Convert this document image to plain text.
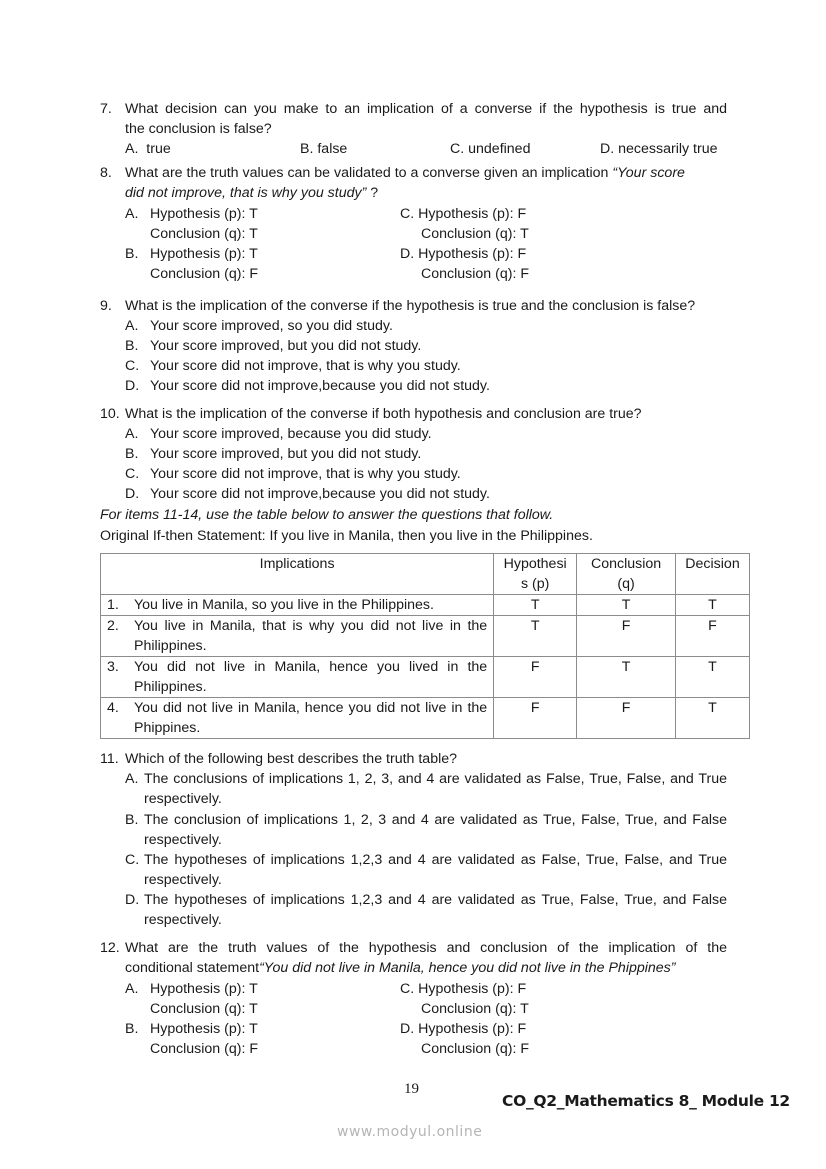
7. What decision can you make to an implication of a converse if the hypothesis is true and
the conclusion is false?
A. true	B. false	C. undefined	D. necessarily true
8. What are the truth values can be validated to a converse given an implication “Your score
did not improve, that is why you study” ?
A. Hypothesis (p): T
Conclusion (q): T
B. Hypothesis (p): T
Conclusion (q): F
C. Hypothesis (p): F
Conclusion (q): T
D. Hypothesis (p): F
Conclusion (q): F
9. What is the implication of the converse if the hypothesis is true and the conclusion is false?
A. Your score improved, so you did study.
B. Your score improved, but you did not study.
C. Your score did not improve, that is why you study.
D. Your score did not improve,because you did not study.
10. What is the implication of the converse if both hypothesis and conclusion are true?
A. Your score improved, because you did study.
B. Your score improved, but you did not study.
C. Your score did not improve, that is why you study.
D. Your score did not improve,because you did not study.
For items 11-14, use the table below to answer the questions that follow.
Original If-then Statement: If you live in Manila, then you live in the Philippines.
Implications	Hypothesi
s (p)	Conclusion
(q)	Decision

1. You live in Manila, so you live in the Philippines.	T	T	T

2. You live in Manila, that is why you did not live in the Philippines.	T	F	F

3. You did not live in Manila, hence you lived in the Philippines.	F	T	T

4. You did not live in Manila, hence you did not live in the Phippines.	F	F	T
11. Which of the following best describes the truth table?
A. The conclusions of implications 1, 2, 3, and 4 are validated as False, True, False, and True respectively.
B. The conclusion of implications 1, 2, 3 and 4 are validated as True, False, True, and False respectively.
C. The hypotheses of implications 1,2,3 and 4 are validated as False, True, False, and True respectively.
D. The hypotheses of implications 1,2,3 and 4 are validated as True, False, True, and False respectively.
12. What are the truth values of the hypothesis and conclusion of the implication of the
conditional statement“You did not live in Manila, hence you did not live in the Phippines”
A. Hypothesis (p): T
Conclusion (q): T
B. Hypothesis (p): T
Conclusion (q): F
C. Hypothesis (p): F
Conclusion (q): T
D. Hypothesis (p): F
Conclusion (q): F
19
CO_Q2_Mathematics 8_ Module 12
www.modyul.online
